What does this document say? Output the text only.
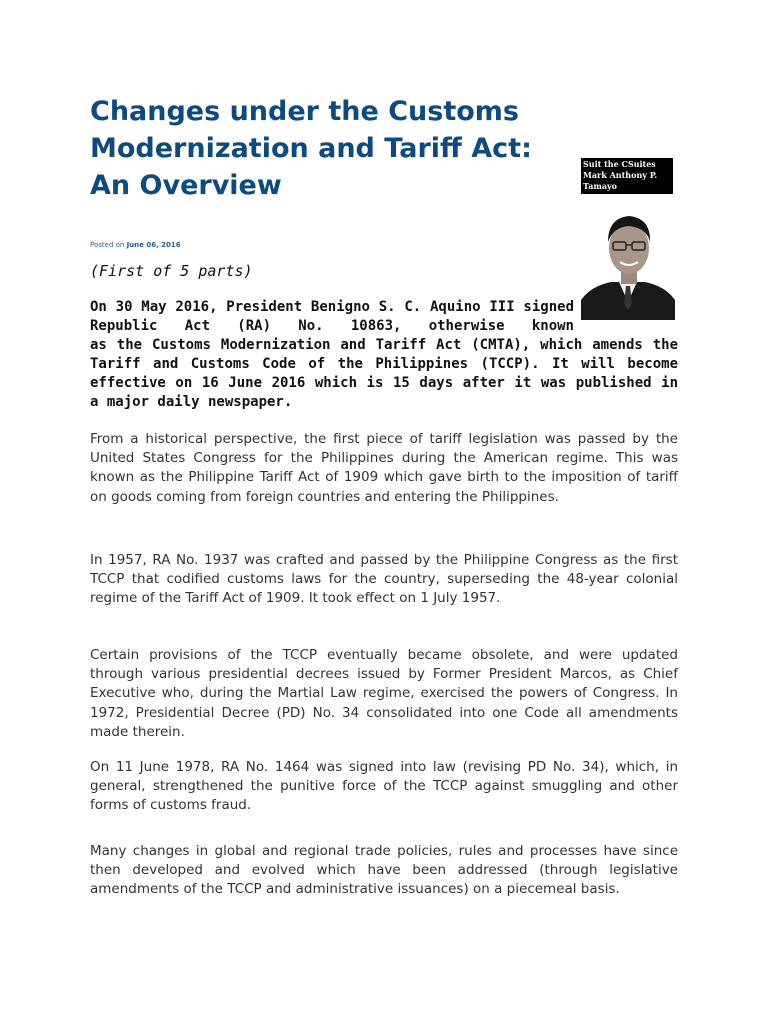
Changes under the Customs Modernization and Tariff Act: An Overview
Suit the CSuites
Mark Anthony P.
Tamayo
Posted on June 06, 2016
(First of 5 parts)

On 30 May 2016, President Benigno S. C. Aquino III signed Republic Act (RA) No. 10863, otherwise known
as the Customs Modernization and Tariff Act (CMTA), which amends the Tariff and Customs Code of the Philippines (TCCP). It will become effective on 16 June 2016 which is 15 days after it was published in a major daily newspaper.

From a historical perspective, the first piece of tariff legislation was passed by the United States Congress for the Philippines during the American regime. This was known as the Philippine Tariff Act of 1909 which gave birth to the imposition of tariff on goods coming from foreign countries and entering the Philippines.

In 1957, RA No. 1937 was crafted and passed by the Philippine Congress as the first TCCP that codified customs laws for the country, superseding the 48-year colonial regime of the Tariff Act of 1909. It took effect on 1 July 1957.

Certain provisions of the TCCP eventually became obsolete, and were updated through various presidential decrees issued by Former President Marcos, as Chief Executive who, during the Martial Law regime, exercised the powers of Congress. In 1972, Presidential Decree (PD) No. 34 consolidated into one Code all amendments made therein.

On 11 June 1978, RA No. 1464 was signed into law (revising PD No. 34), which, in general, strengthened the punitive force of the TCCP against smuggling and other forms of customs fraud.

Many changes in global and regional trade policies, rules and processes have since then developed and evolved which have been addressed (through legislative amendments of the TCCP and administrative issuances) on a piecemeal basis.
